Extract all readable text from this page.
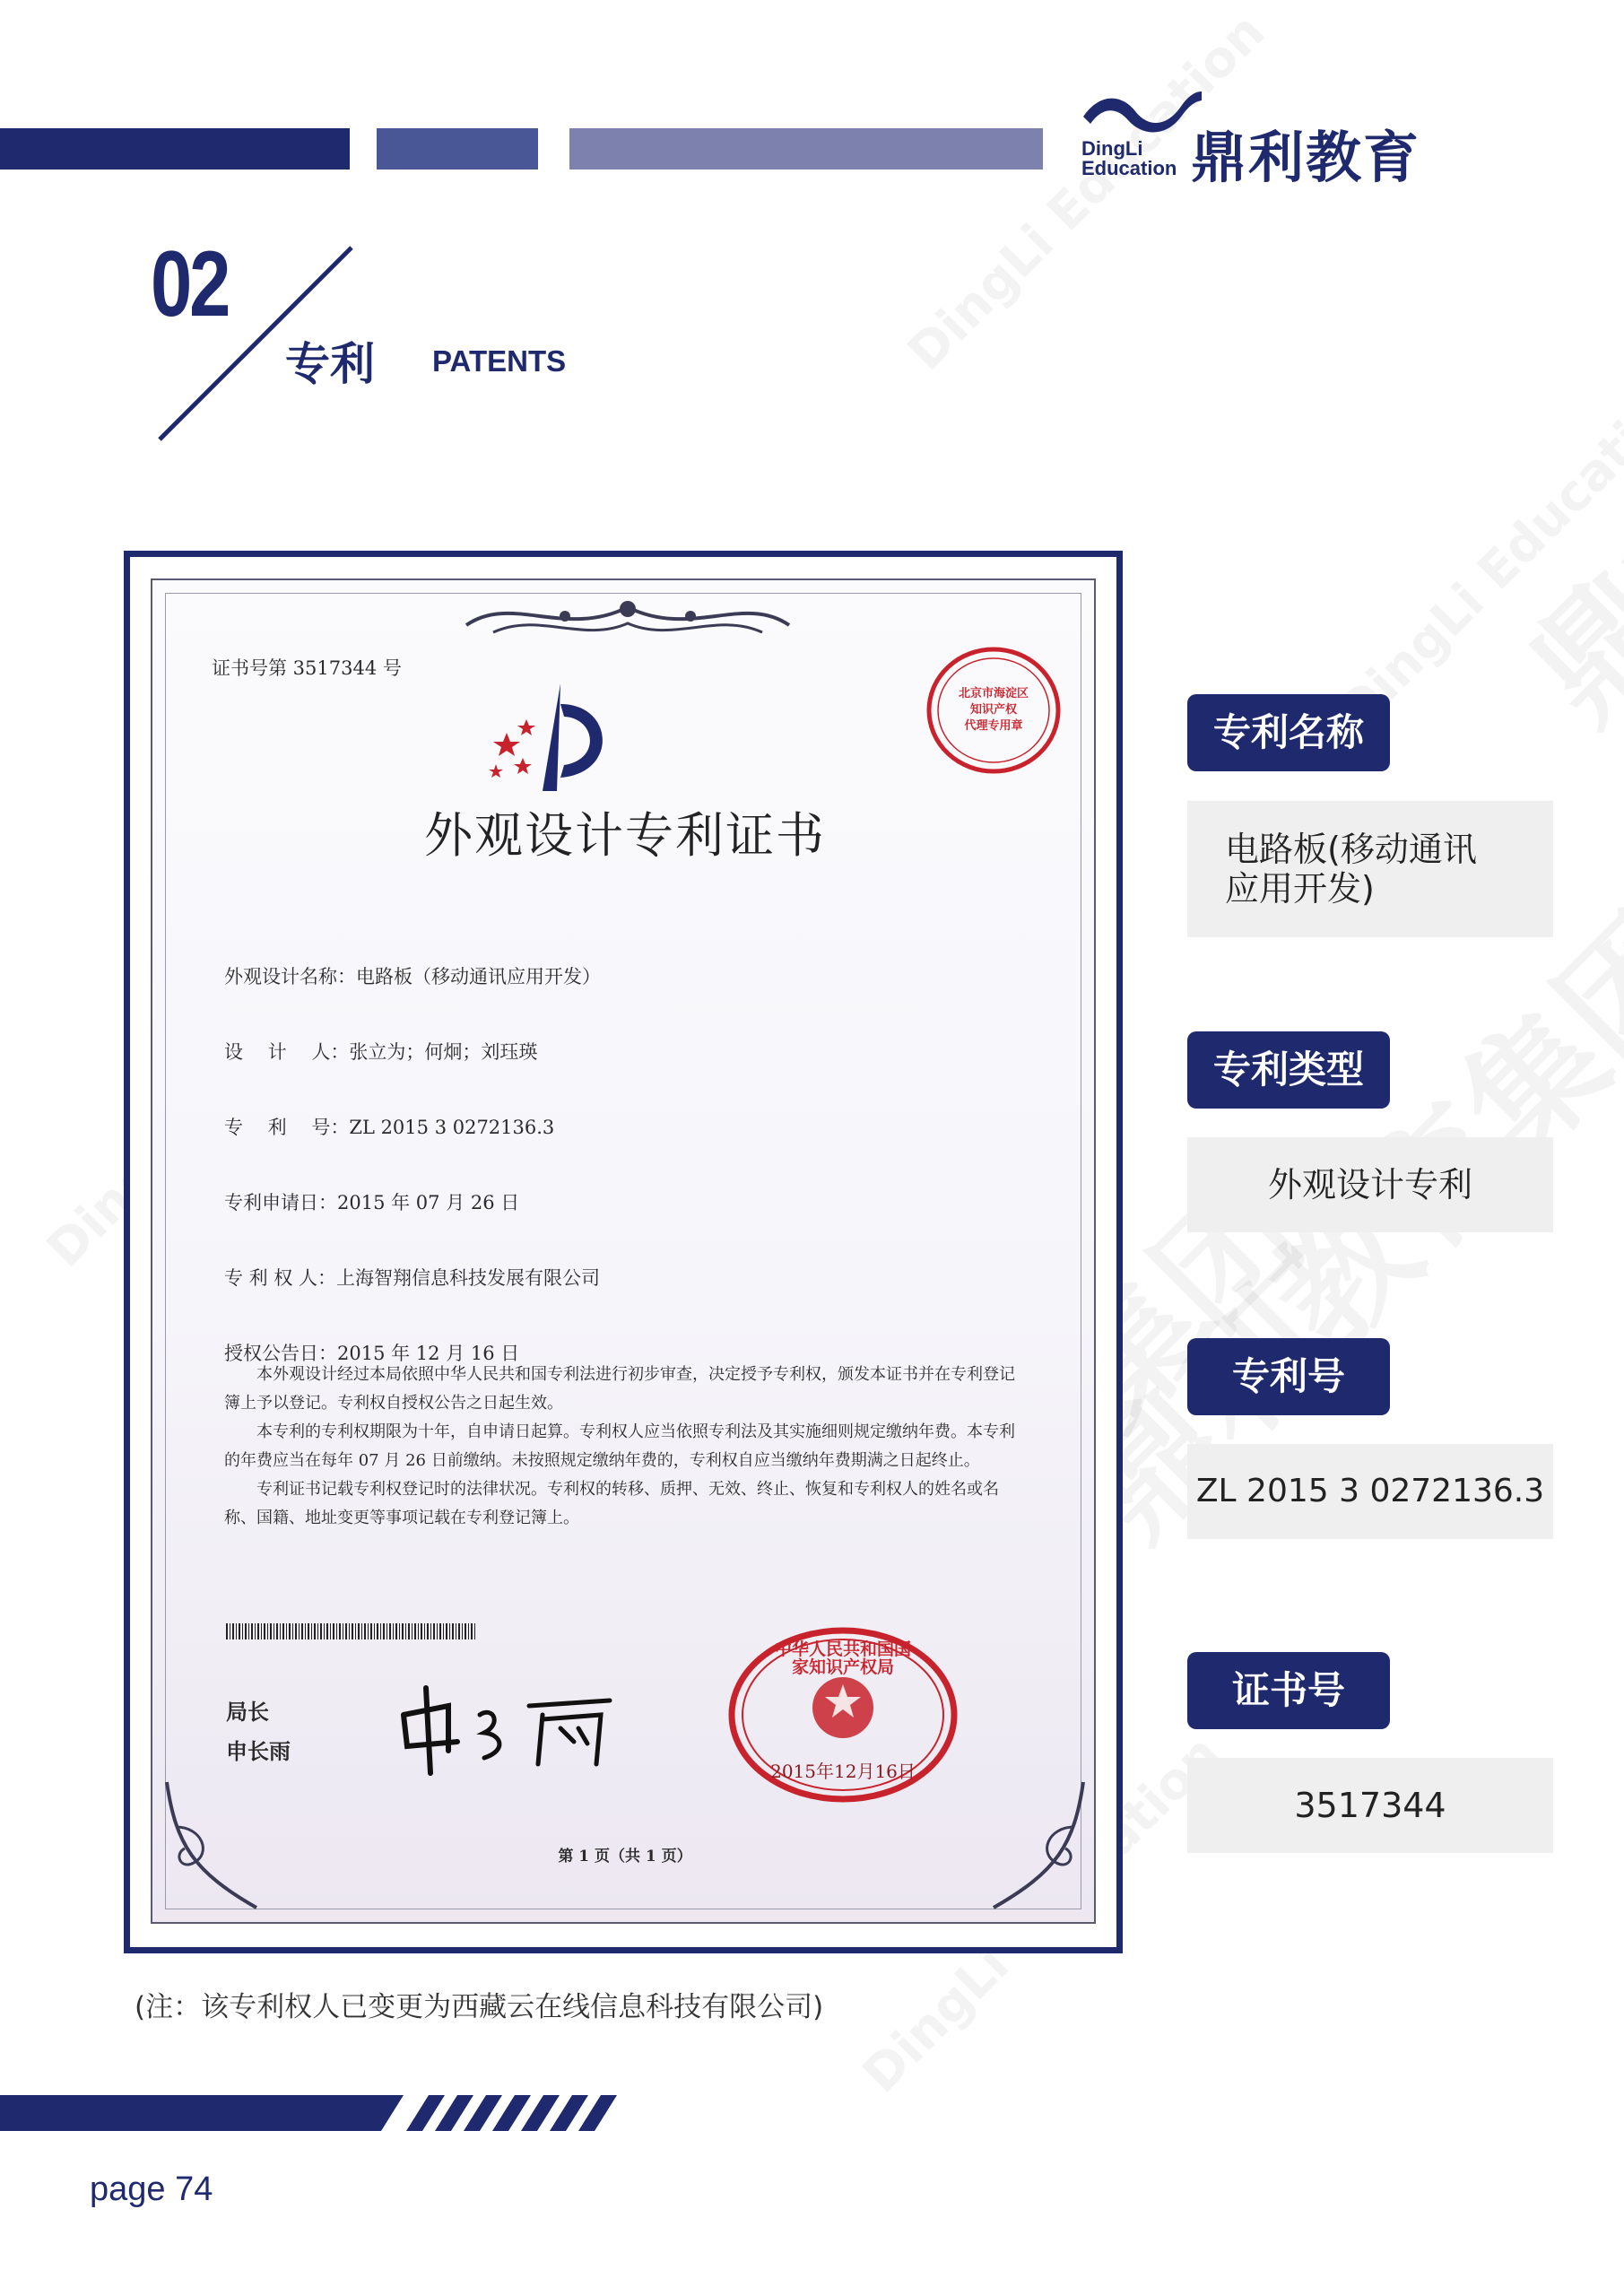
DingLi
Education 鼎利教育
02
专利 PATENTS
证书号第 3517344 号
北京市海淀区知识产权
代理专用章
外观设计专利证书
外观设计名称：电路板（移动通讯应用开发）
设　 计　 人：张立为；何炯；刘珏瑛
专　 利　 号：ZL 2015 3 0272136.3
专利申请日：2015 年 07 月 26 日
专 利 权 人：上海智翔信息科技发展有限公司
授权公告日：2015 年 12 月 16 日

本外观设计经过本局依照中华人民共和国专利法进行初步审查，决定授予专利权，颁发本证书并在专利登记簿上予以登记。专利权自授权公告之日起生效。

本专利的专利权期限为十年，自申请日起算。专利权人应当依照专利法及其实施细则规定缴纳年费。本专利的年费应当在每年 07 月 26 日前缴纳。未按照规定缴纳年费的，专利权自应当缴纳年费期满之日起终止。

专利证书记载专利权登记时的法律状况。专利权的转移、质押、无效、终止、恢复和专利权人的姓名或名称、国籍、地址变更等事项记载在专利登记簿上。

局长
申长雨
中华人民共和国国家知识产权局
2015年12月16日
第 1 页（共 1 页）
专利名称
电路板(移动通讯
应用开发)
专利类型
外观设计专利
专利号
ZL 2015 3 0272136.3
证书号
3517344
(注：该专利权人已变更为西藏云在线信息科技有限公司)
page 74
